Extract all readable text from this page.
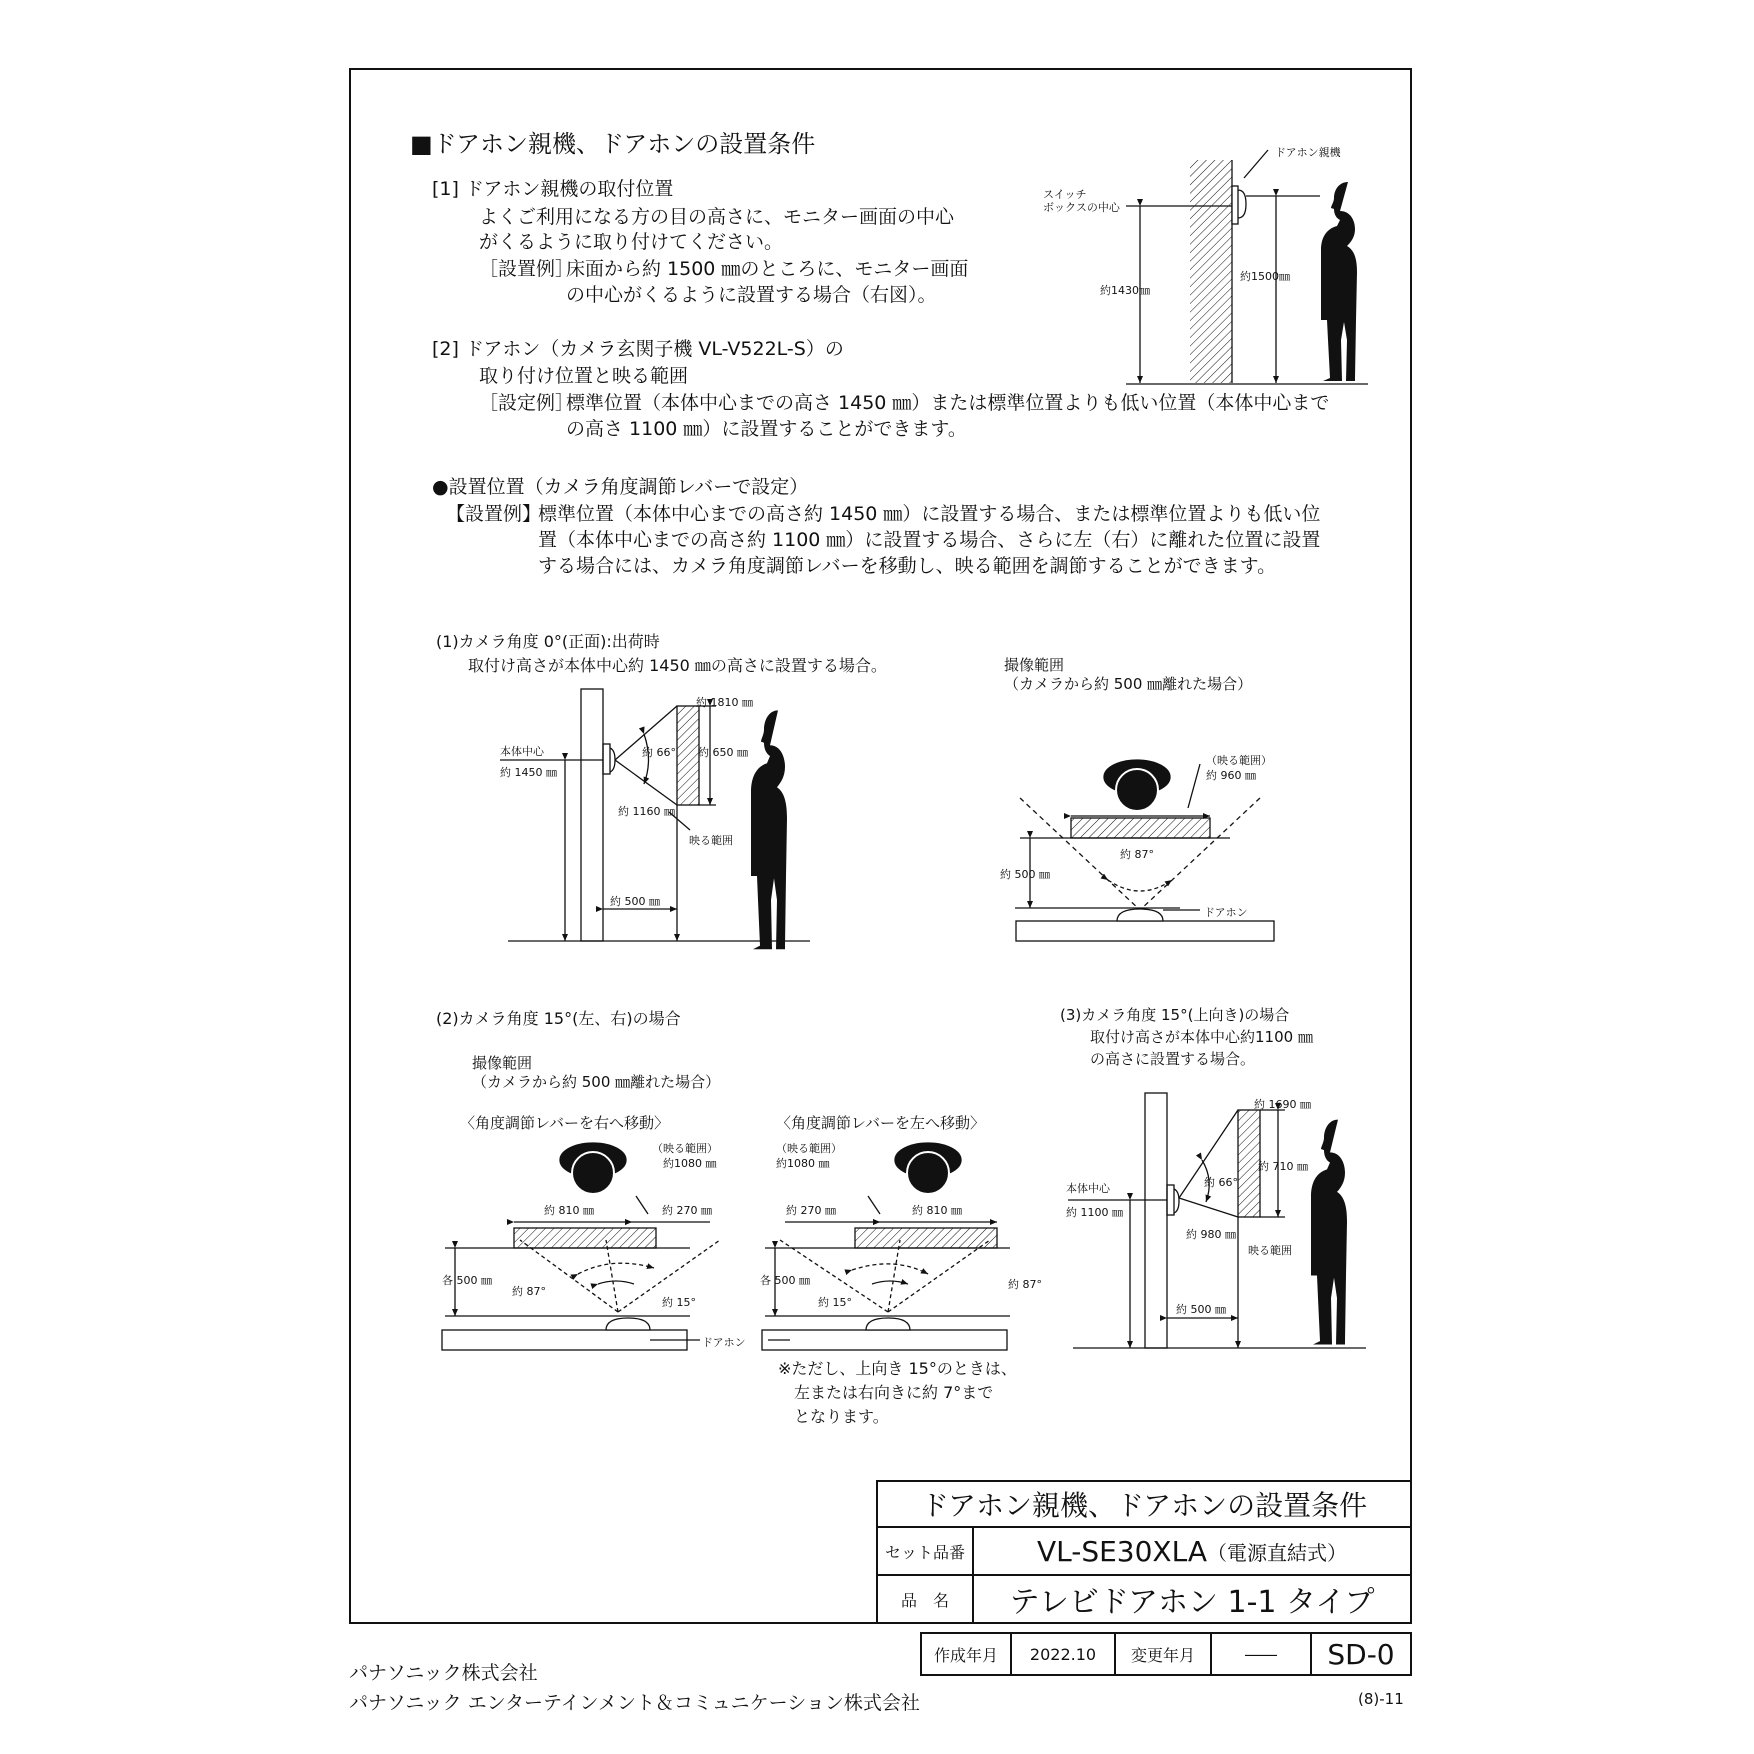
■ドアホン親機、ドアホンの設置条件
[1] ドアホン親機の取付位置
よくご利用になる方の目の高さに、モニター画面の中心
がくるように取り付けてください。
［設置例］
床面から約 1500 ㎜のところに、モニター画面
の中心がくるように設置する場合（右図）。
[2] ドアホン（カメラ玄関子機 VL-V522L-S）の
取り付け位置と映る範囲
［設定例］
標準位置（本体中心までの高さ 1450 ㎜）または標準位置よりも低い位置（本体中心まで
の高さ 1100 ㎜）に設置することができます。
●設置位置（カメラ角度調節レバーで設定）
【設置例】
標準位置（本体中心までの高さ約 1450 ㎜）に設置する場合、または標準位置よりも低い位
置（本体中心までの高さ約 1100 ㎜）に設置する場合、さらに左（右）に離れた位置に設置
する場合には、カメラ角度調節レバーを移動し、映る範囲を調節することができます。
(1)カメラ角度 0°(正面):出荷時
取付け高さが本体中心約 1450 ㎜の高さに設置する場合。	撮像範囲
（カメラから約 500 ㎜離れた場合）
(2)カメラ角度 15°(左、右)の場合
撮像範囲
（カメラから約 500 ㎜離れた場合）
〈角度調節レバーを右へ移動〉	〈角度調節レバーを左へ移動〉
※ただし、上向き 15°のときは、
左または右向きに約 7°まで
となります。
(3)カメラ角度 15°(上向き)の場合
取付け高さが本体中心約1100 ㎜
の高さに設置する場合。
ドアホン親機
スイッチ
ボックスの中心
約1430㎜
約1500㎜
本体中心
約 1450 ㎜
約 1810 ㎜
約 650 ㎜
約 1160 ㎜
約 66°
映る範囲
約 500 ㎜
（映る範囲）
約 960 ㎜
約 87°
約 500 ㎜
ドアホン
（映る範囲）
約1080 ㎜
約 810 ㎜	約 270 ㎜
各 500 ㎜
約 87°
約 15°
ドアホン
（映る範囲）
約1080 ㎜
約 270 ㎜	約 810 ㎜
各 500 ㎜	約 87°
約 15°
本体中心
約 1100 ㎜
約 1690 ㎜
約 710 ㎜
約 980 ㎜
約 66°
映る範囲
約 500 ㎜
ドアホン親機、ドアホンの設置条件
セット品番	VL-SE30XLA （電源直結式）
品　名	テレビドアホン 1-1 タイプ
作成年月	2022.10	変更年月	――	SD-0
パナソニック株式会社
パナソニック エンターテインメント＆コミュニケーション株式会社	(8)-11
